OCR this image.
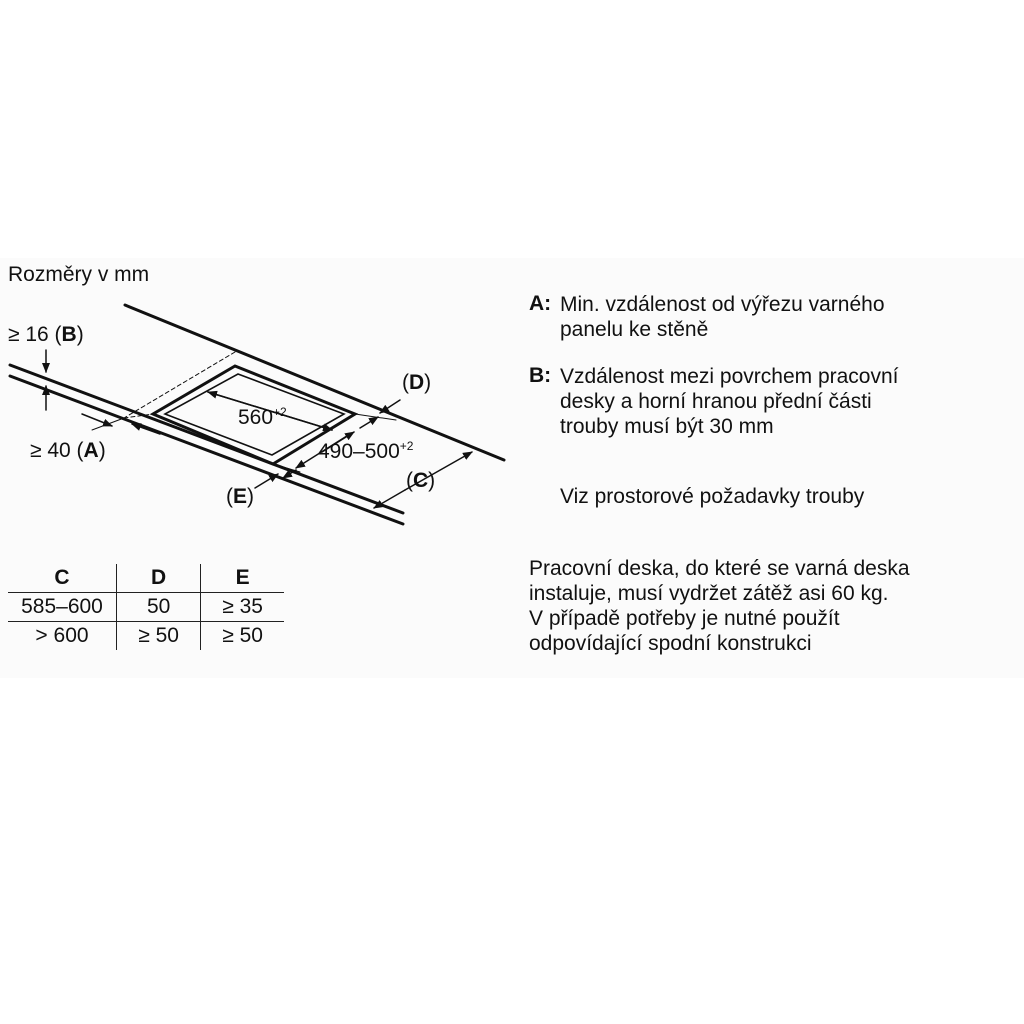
Rozměry v mm
≥ 16 (B)
≥ 40 (A)
(D)
(C)
(E)
$560^{+2}$
$490-500^{+2}$
C	D	E
585–600	50	≥ 35
> 600	≥ 50	≥ 50
A: Min. vzdálenost od výřezu varného
panelu ke stěně
B: Vzdálenost mezi povrchem pracovní
desky a horní hranou přední části
trouby musí být 30 mm
Viz prostorové požadavky trouby
Pracovní deska, do které se varná deska
instaluje, musí vydržet zátěž asi 60 kg.
V případě potřeby je nutné použít
odpovídající spodní konstrukci
